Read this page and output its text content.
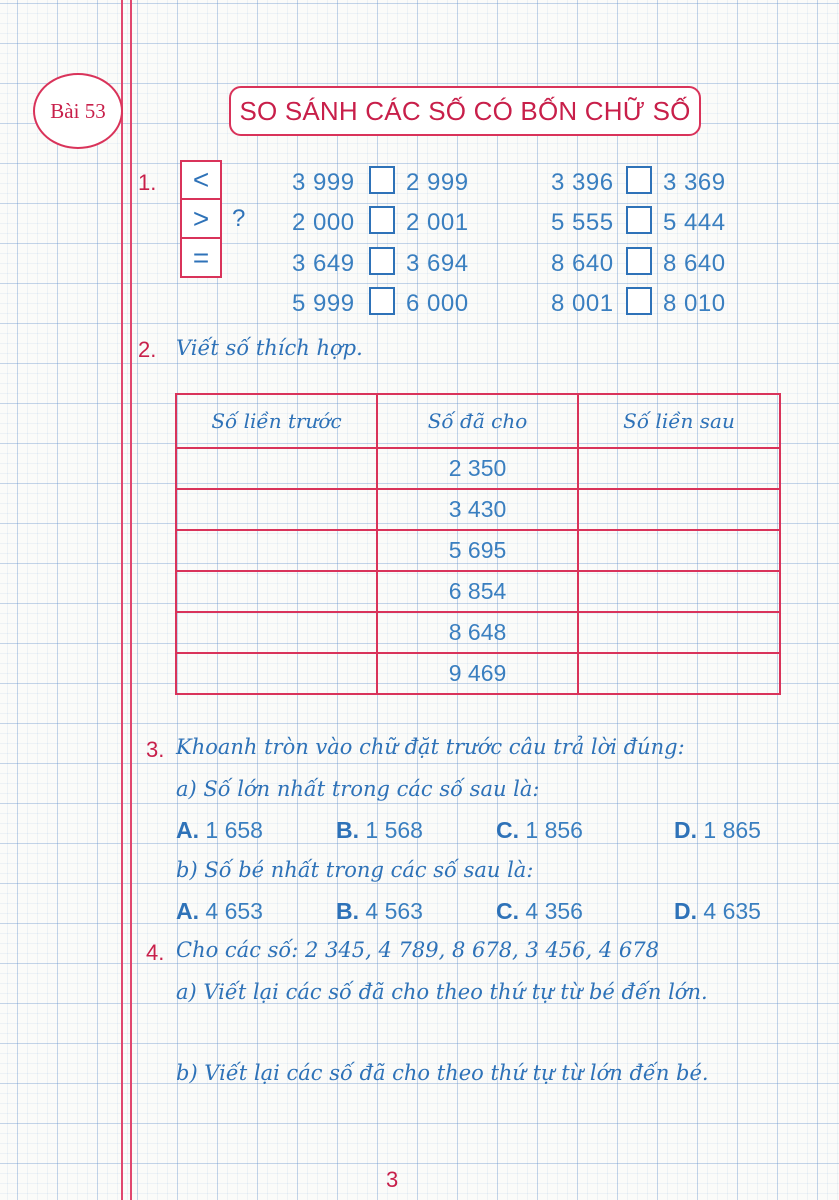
Bài 53	SO SÁNH CÁC SỐ CÓ BỐN CHỮ SỐ
1.	<
>
=
?
3 999 2 999	3 396 3 369
2 000 2 001	5 555 5 444
3 649 3 694	8 640 8 640
5 999 6 000	8 001 8 010
2. Viết số thích hợp.
Số liền trước	Số đã cho	Số liền sau
	2 350	
	3 430	
	5 695	
	6 854	
	8 648	
	9 469	
3. Khoanh tròn vào chữ đặt trước câu trả lời đúng:
a) Số lớn nhất trong các số sau là:
A. 1 658	B. 1 568	C. 1 856	D. 1 865
b) Số bé nhất trong các số sau là:
A. 4 653	B. 4 563	C. 4 356	D. 4 635
4. Cho các số: 2 345, 4 789, 8 678, 3 456, 4 678
a) Viết lại các số đã cho theo thứ tự từ bé đến lớn.
b) Viết lại các số đã cho theo thứ tự từ lớn đến bé.
3
